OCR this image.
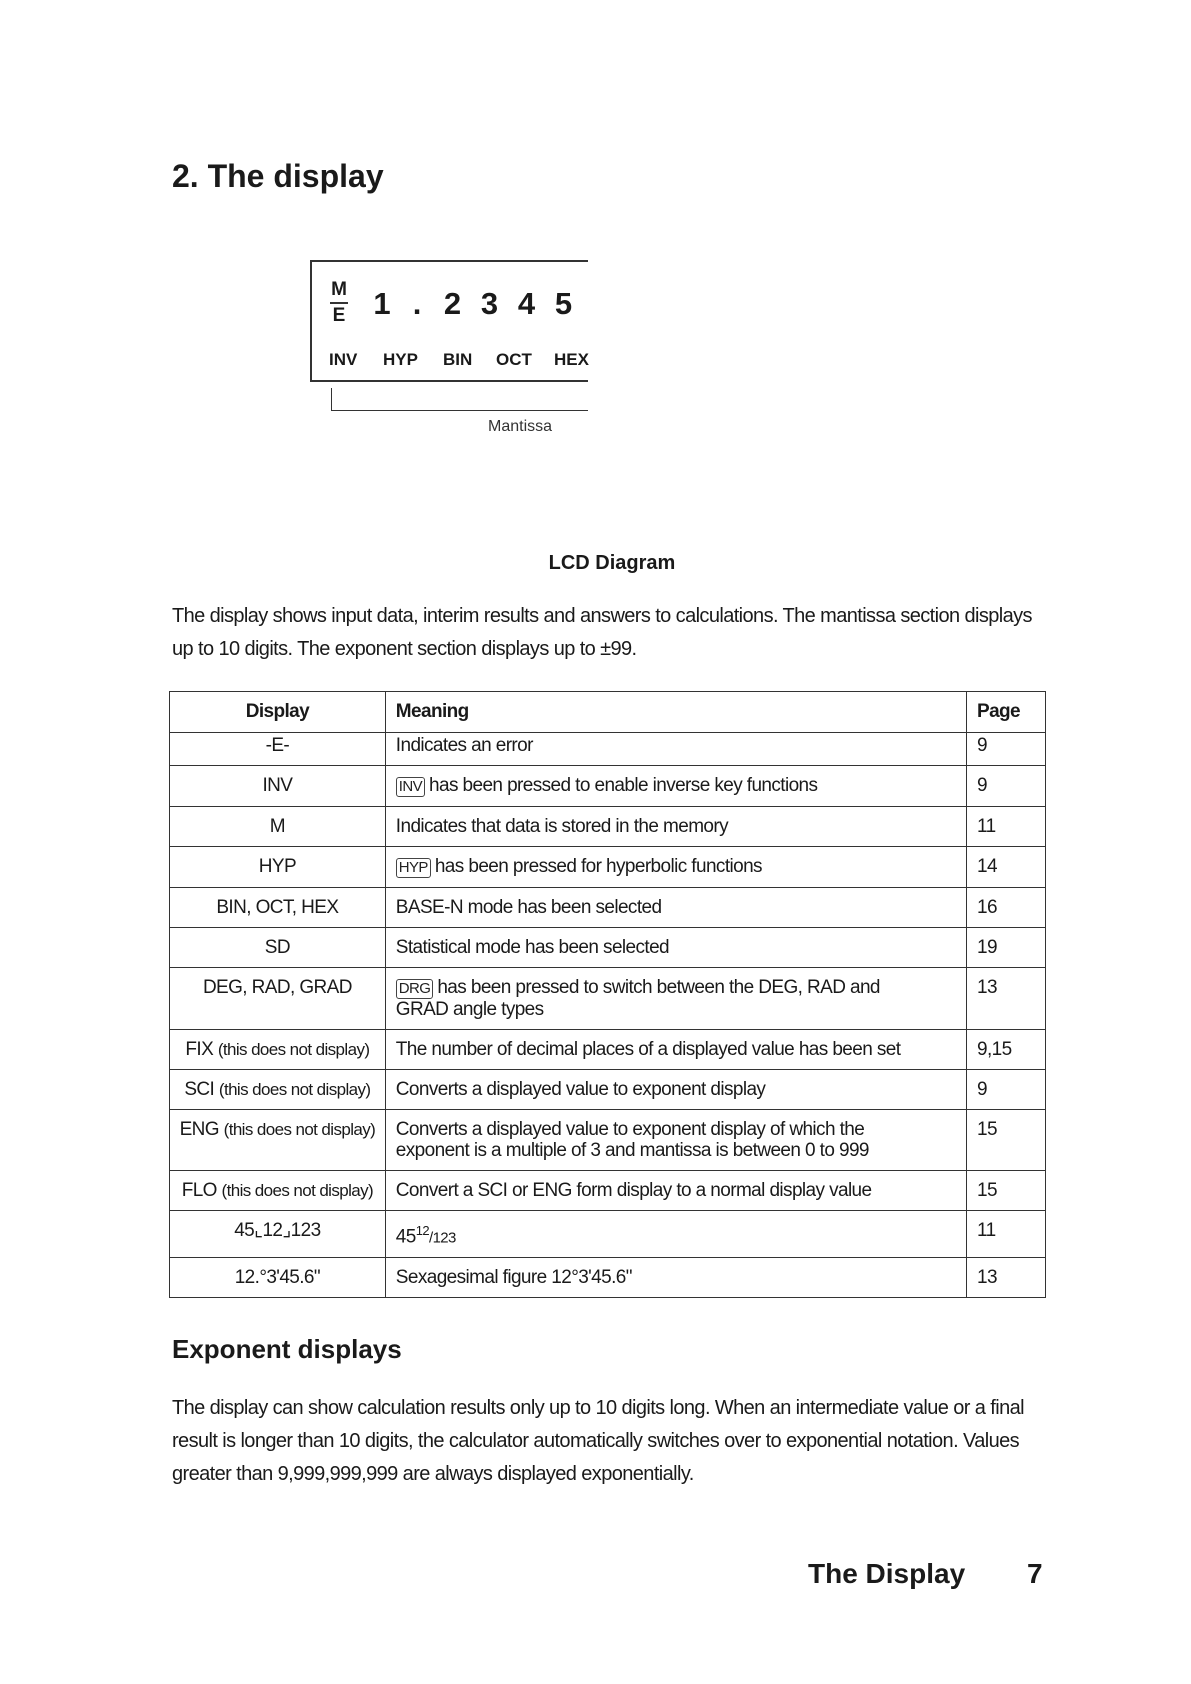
2. The display
M
E 1 . 2 3 4 5
INV HYP BIN OCT HEX
Mantissa
LCD Diagram

The display shows input data, interim results and answers to calculations. The mantissa section displays up to 10 digits. The exponent section displays up to ±99.

Display	Meaning	Page
-E-	Indicates an error	9
INV	INV has been pressed to enable inverse key functions	9
M	Indicates that data is stored in the memory	11
HYP	HYP has been pressed for hyperbolic functions	14
BIN, OCT, HEX	BASE-N mode has been selected	16
SD	Statistical mode has been selected	19
DEG, RAD, GRAD	DRG has been pressed to switch between the DEG, RAD and GRAD angle types	13
FIX (this does not display)	The number of decimal places of a displayed value has been set	9,15
SCI (this does not display)	Converts a displayed value to exponent display	9
ENG (this does not display)	Converts a displayed value to exponent display of which the exponent is a multiple of 3 and mantissa is between 0 to 999	15
FLO (this does not display)	Convert a SCI or ENG form display to a normal display value	15
45⌞12⌟123	$45^{12}/123$	11
12.°3'45.6"	Sexagesimal figure 12°3'45.6"	13
Exponent displays

The display can show calculation results only up to 10 digits long. When an intermediate value or a final result is longer than 10 digits, the calculator automatically switches over to exponential notation. Values greater than 9,999,999,999 are always displayed exponentially.

The Display 7
